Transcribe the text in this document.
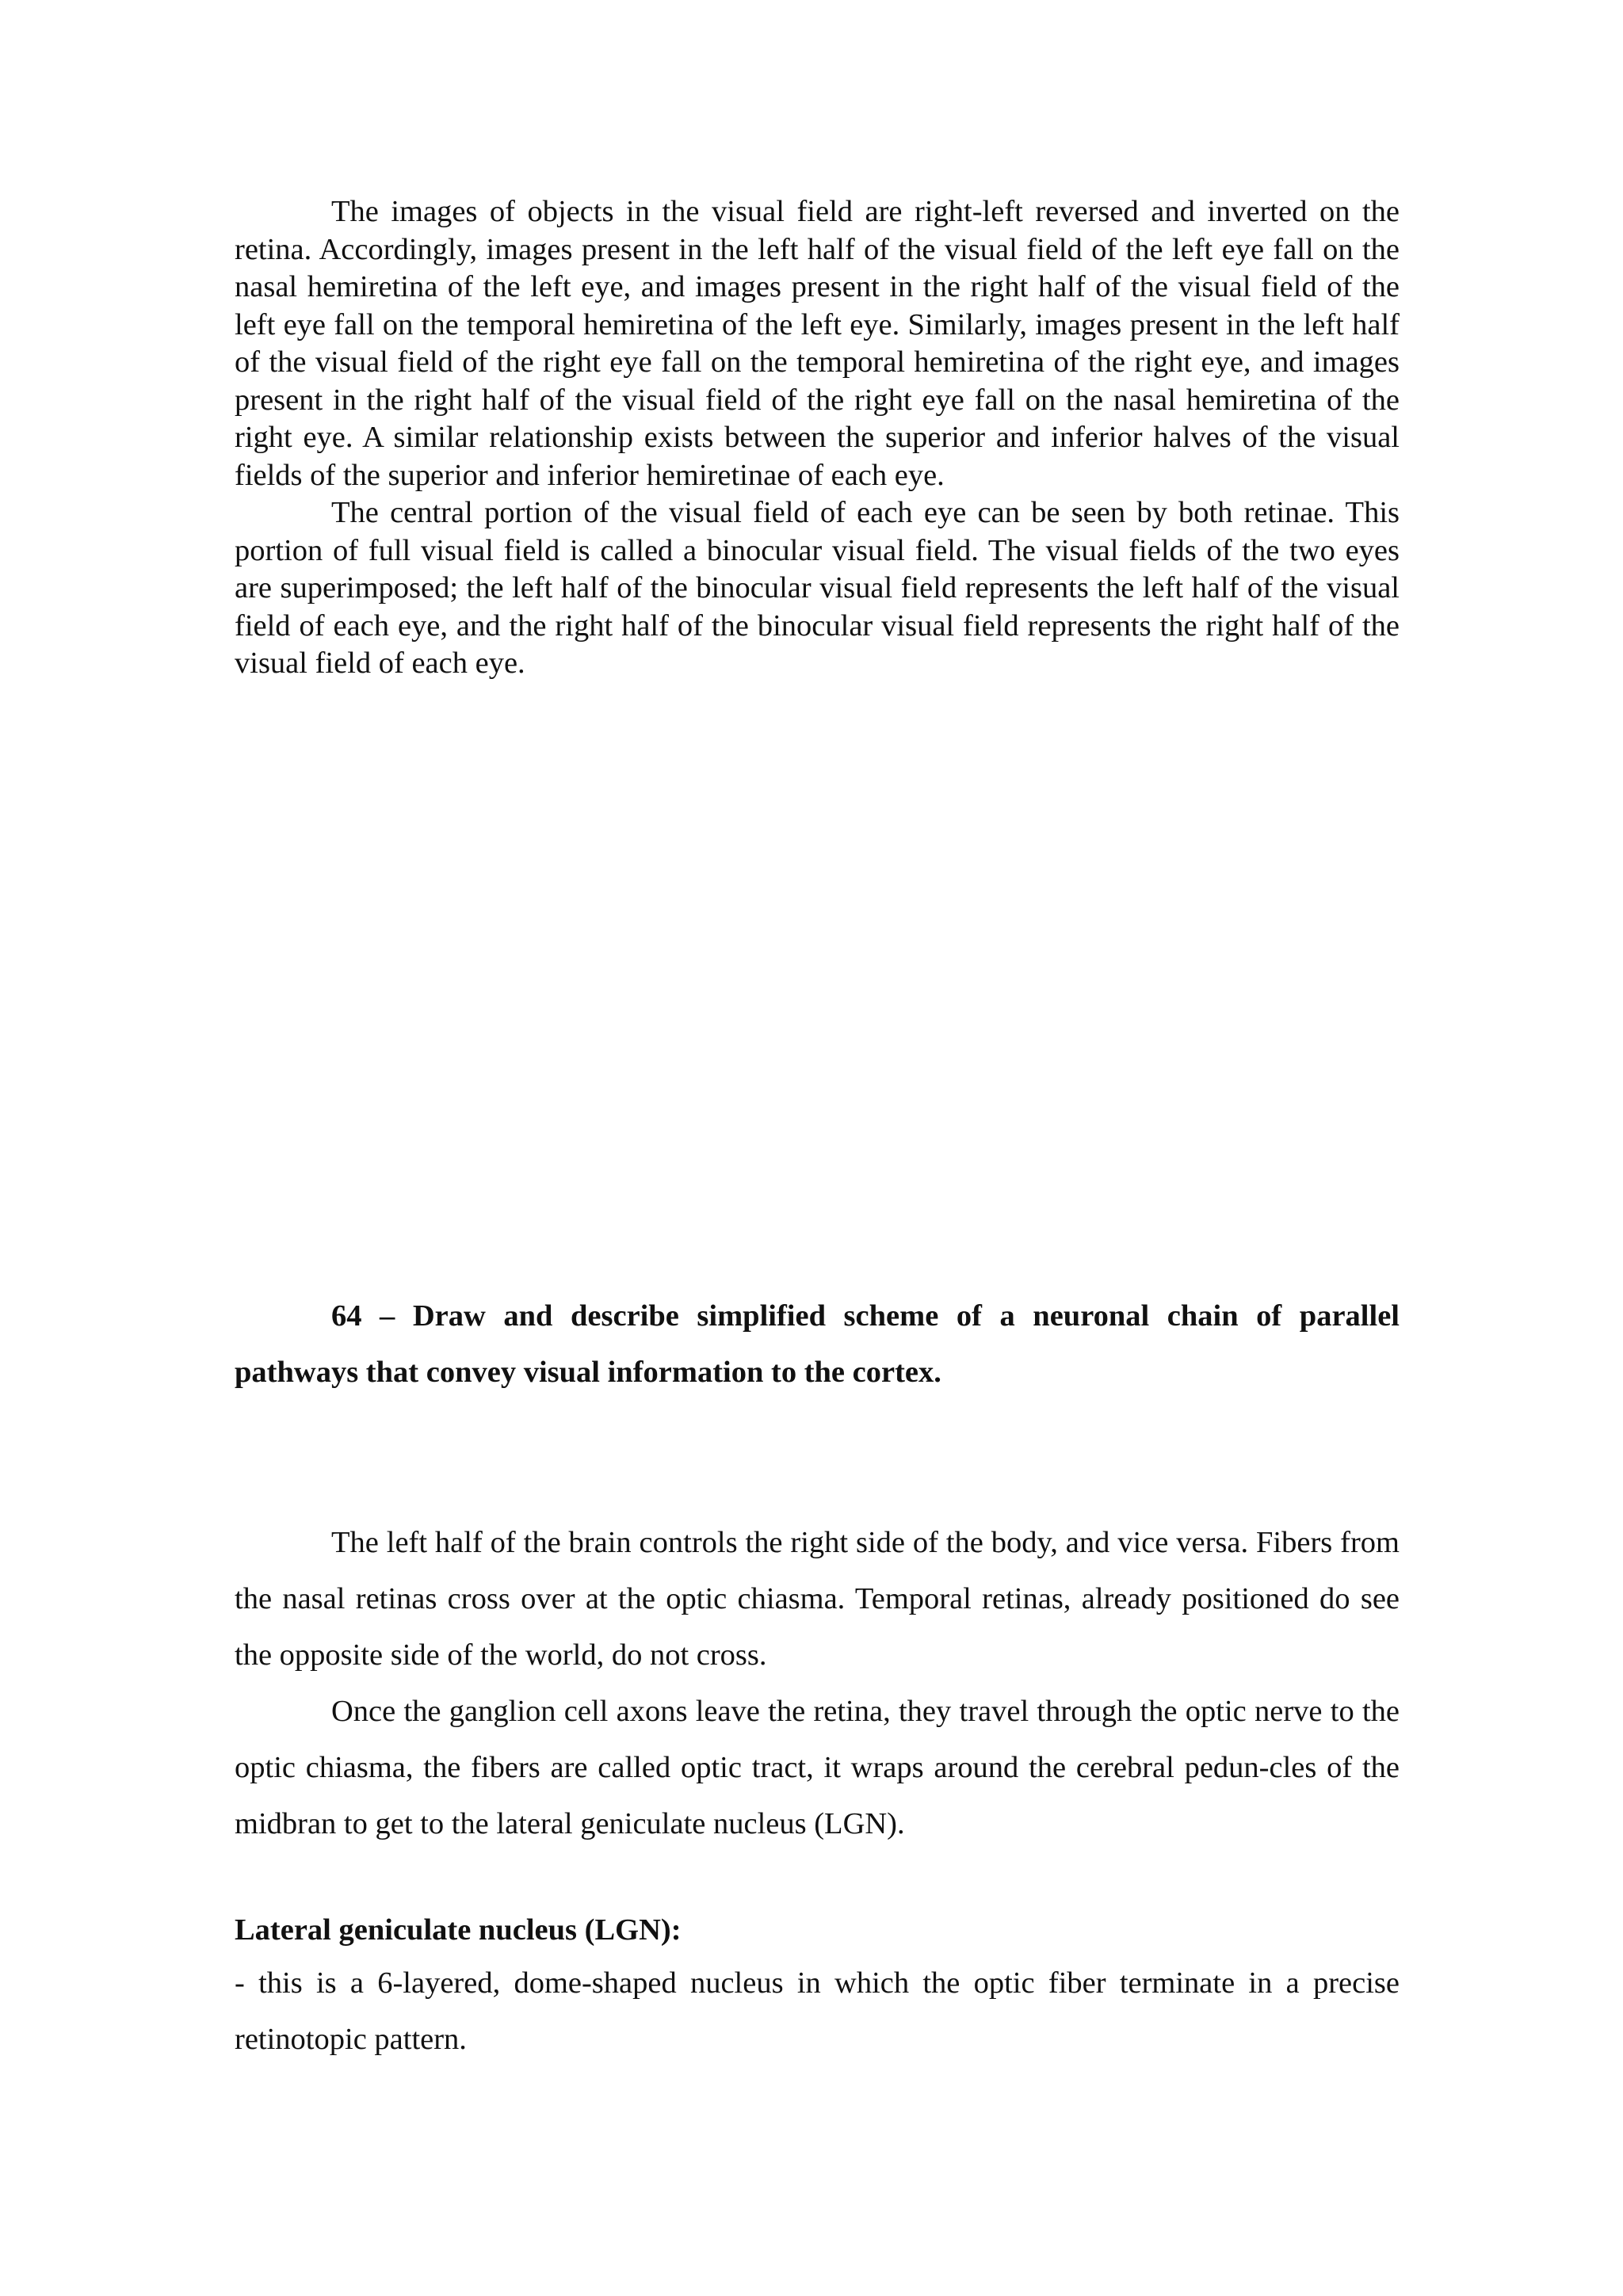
The images of objects in the visual field are right-left reversed and inverted on the retina. Accordingly, images present in the left half of the visual field of the left eye fall on the nasal hemiretina of the left eye, and images present in the right half of the visual field of the left eye fall on the temporal hemiretina of the left eye. Similarly, images present in the left half of the visual field of the right eye fall on the temporal hemiretina of the right eye, and images present in the right half of the visual field of the right eye fall on the nasal hemiretina of the right eye. A similar relationship exists between the superior and inferior halves of the visual fields of the superior and inferior hemiretinae of each eye.

The central portion of the visual field of each eye can be seen by both retinae. This portion of full visual field is called a binocular visual field. The visual fields of the two eyes are superimposed; the left half of the binocular visual field represents the left half of the visual field of each eye, and the right half of the binocular visual field represents the right half of the visual field of each eye.

64 – Draw and describe simplified scheme of a neuronal chain of parallel pathways that convey visual information to the cortex.

The left half of the brain controls the right side of the body, and vice versa. Fibers from the nasal retinas cross over at the optic chiasma. Temporal retinas, already positioned do see the opposite side of the world, do not cross.

Once the ganglion cell axons leave the retina, they travel through the optic nerve to the optic chiasma, the fibers are called optic tract, it wraps around the cerebral pedun-cles of the midbran to get to the lateral geniculate nucleus (LGN).

Lateral geniculate nucleus (LGN):

- this is a 6-layered, dome-shaped nucleus in which the optic fiber terminate in a precise retinotopic pattern.
